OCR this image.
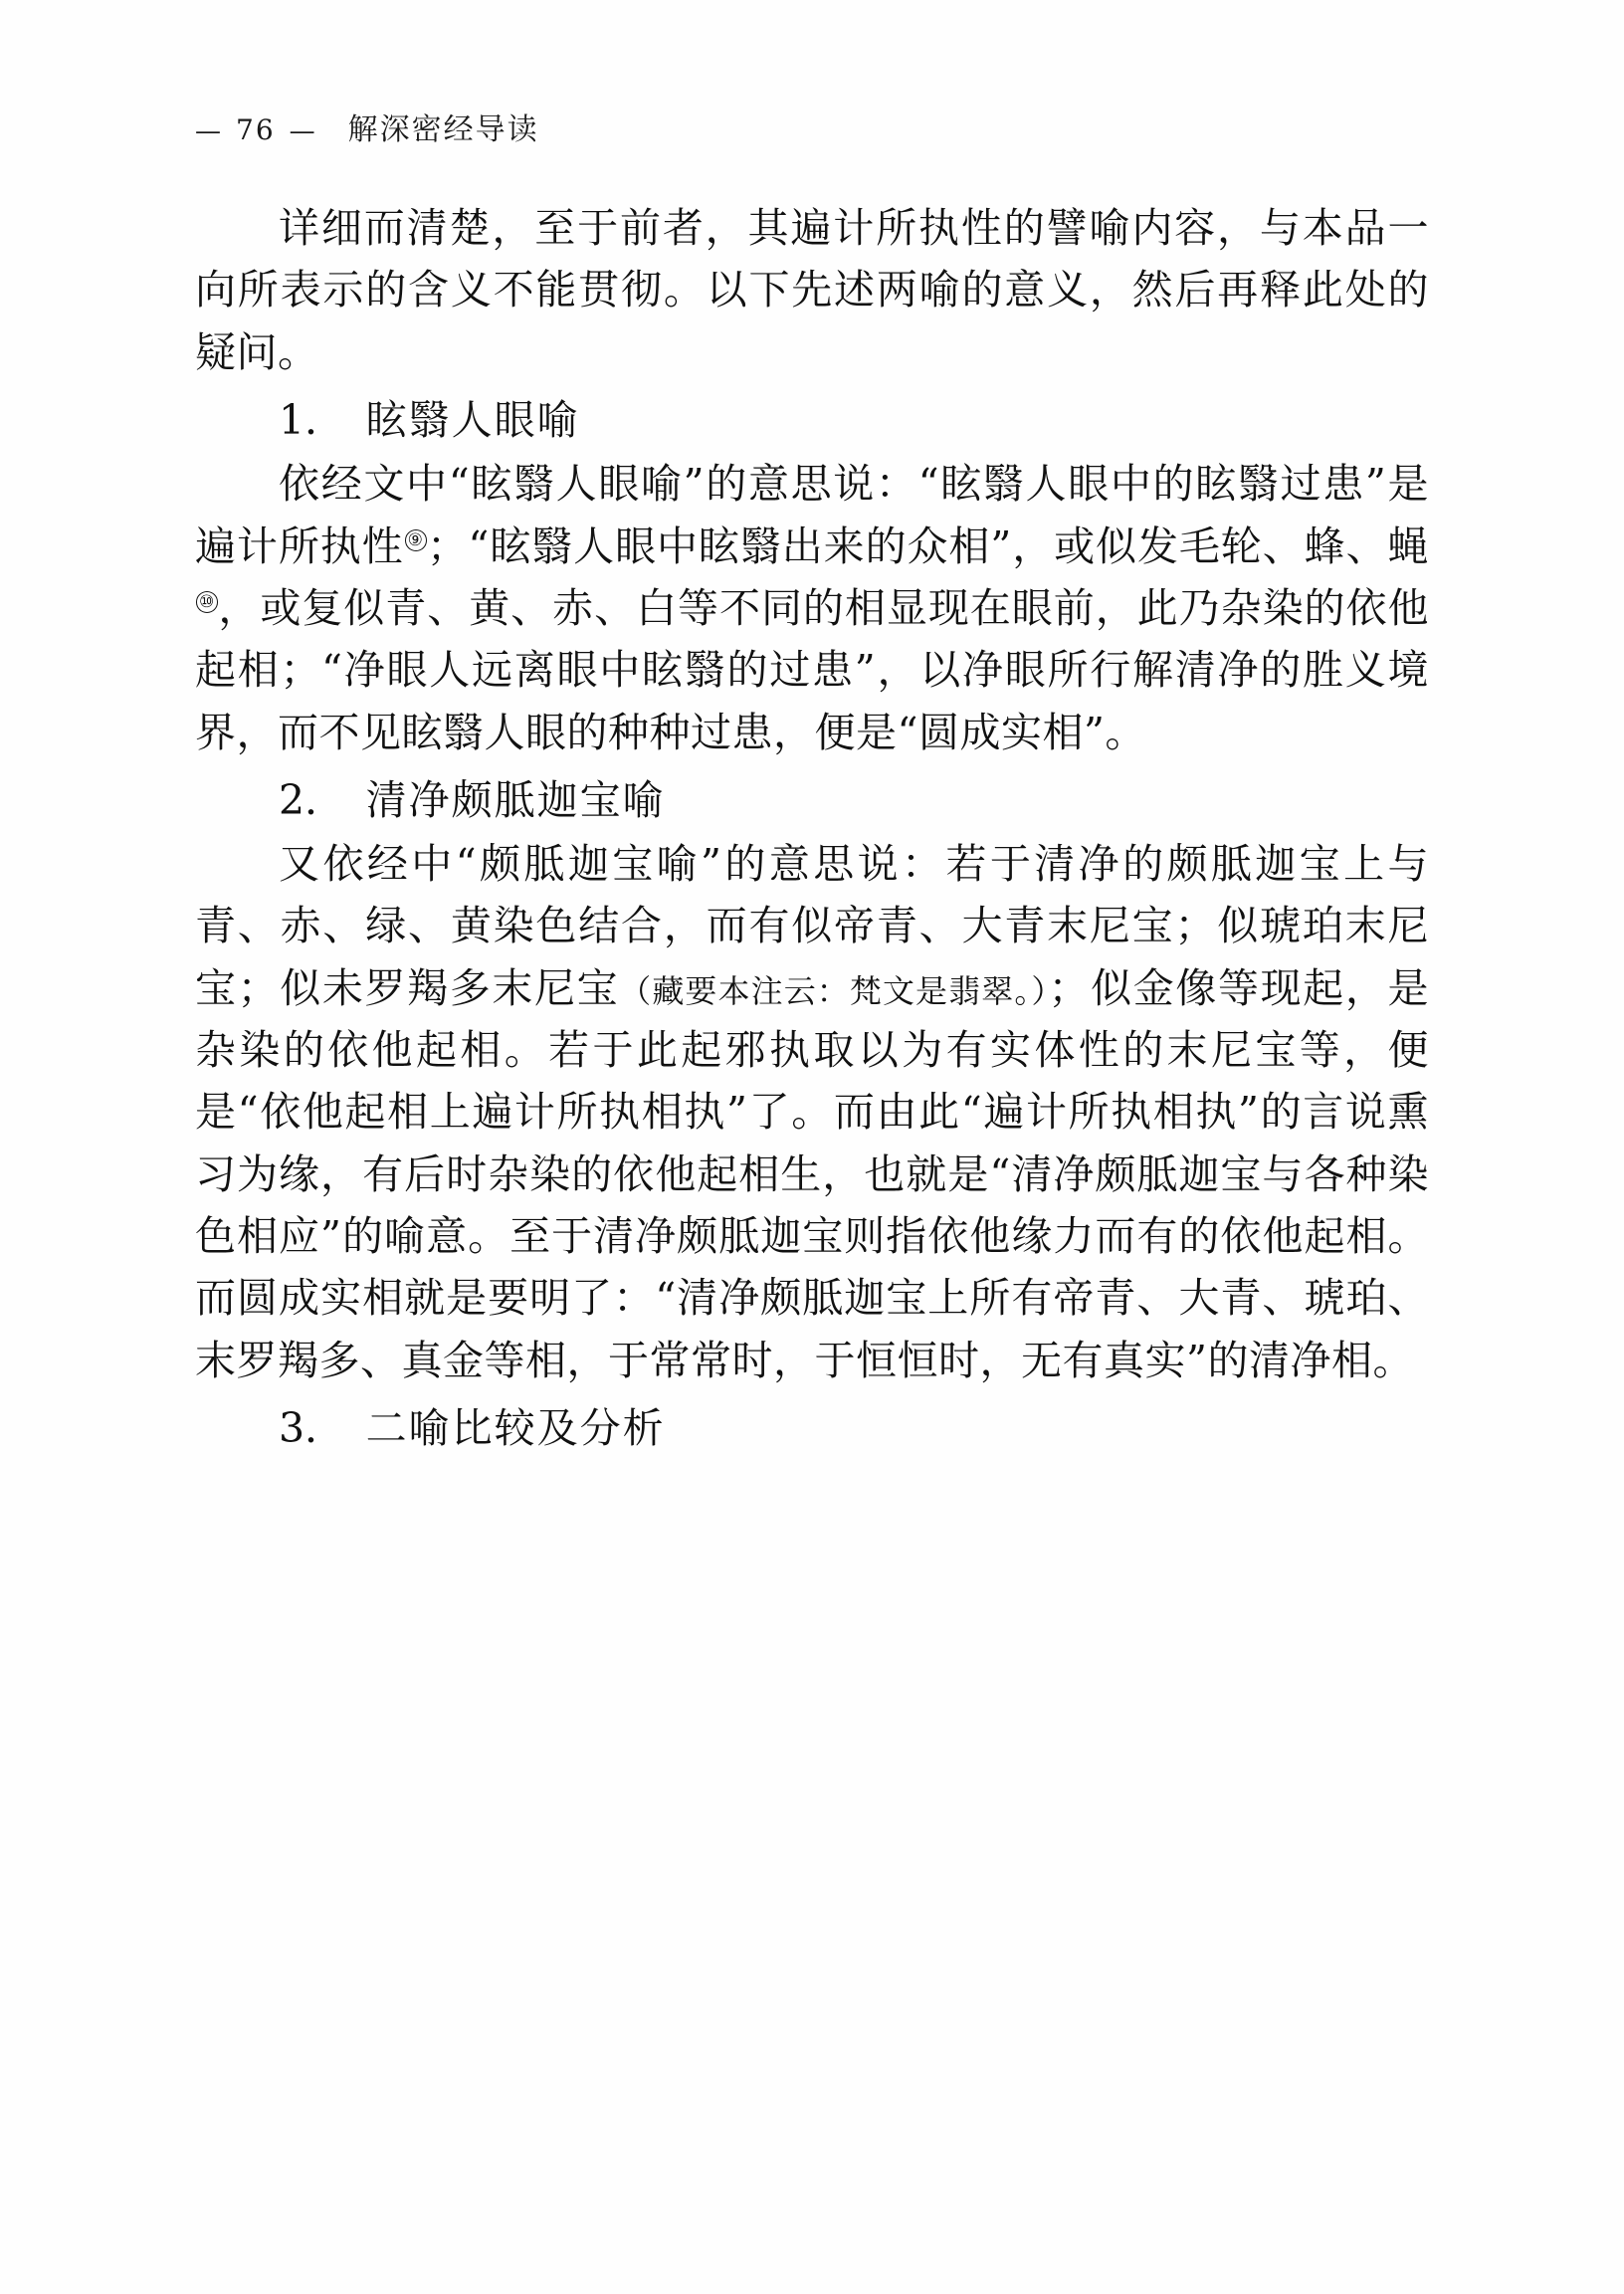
— 76 — 解深密经导读

详细而清楚，至于前者，其遍计所执性的譬喻内容，与本品一向所表示的含义不能贯彻。以下先述两喻的意义，然后再释此处的疑问。

1． 眩翳人眼喻

依经文中“眩翳人眼喻”的意思说：“眩翳人眼中的眩翳过患”是遍计所执性 ⑨；“眩翳人眼中眩翳出来的众相”，或似发毛轮、蜂、蝇⑩，或复似青、黄、赤、白等不同的相显现在眼前，此乃杂染的依他起相；“净眼人远离眼中眩翳的过患”，以净眼所行解清净的胜义境界，而不见眩翳人眼的种种过患，便是“圆成实相”。

2． 清净颇胝迦宝喻

又依经中“颇胝迦宝喻”的意思说：若于清净的颇胝迦宝上与青、赤、绿、黄染色结合，而有似帝青、大青末尼宝；似琥珀末尼宝；似未罗羯多末尼宝（藏要本注云：梵文是翡翠。）；似金像等现起，是杂染的依他起相。若于此起邪执取以为有实体性的末尼宝等，便是“依他起相上遍计所执相执”了。而由此“遍计所执相执”的言说熏习为缘，有后时杂染的依他起相生，也就是“清净颇胝迦宝与各种染色相应”的喻意。至于清净颇胝迦宝则指依他缘力而有的依他起相。而圆成实相就是要明了：“清净颇胝迦宝上所有帝青、大青、琥珀、末罗羯多、真金等相，于常常时，于恒恒时，无有真实”的清净相。

3． 二喻比较及分析
